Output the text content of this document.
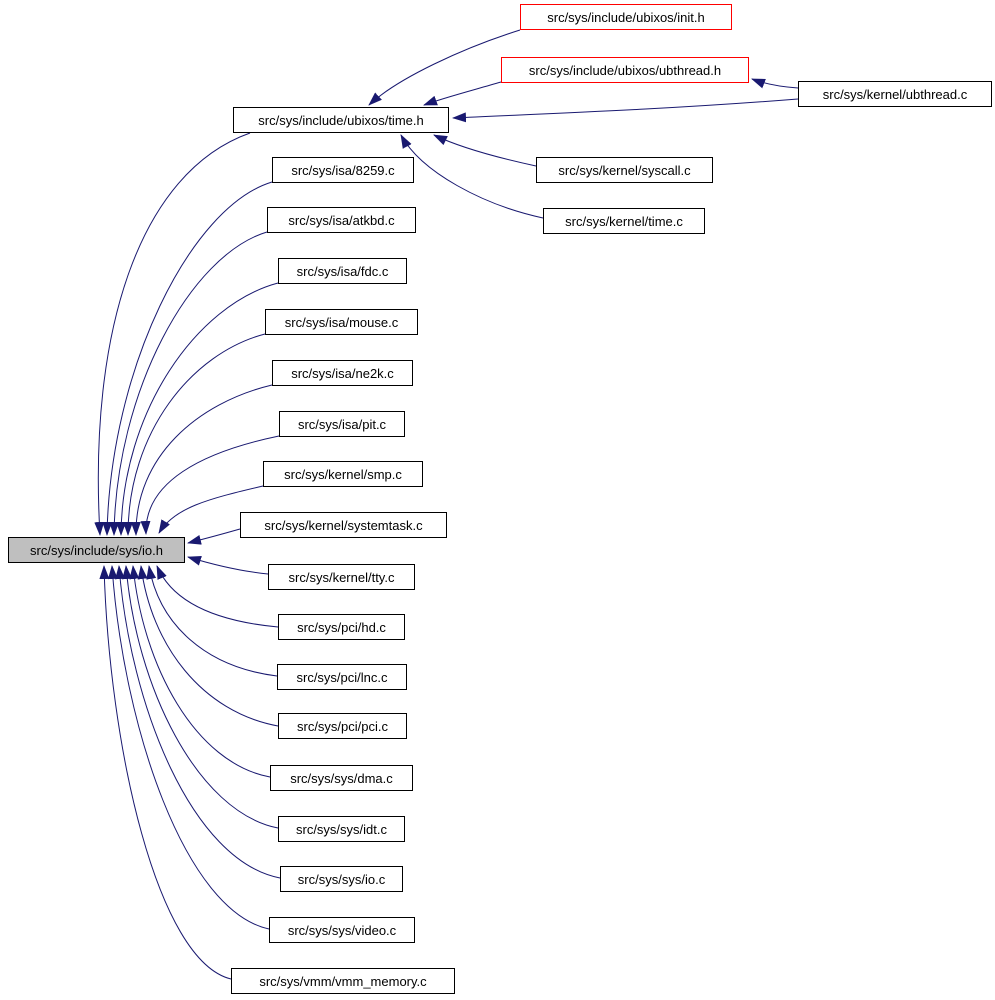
src/sys/include/ubixos/init.h
src/sys/include/ubixos/ubthread.h
src/sys/kernel/ubthread.c
src/sys/include/ubixos/time.h
src/sys/kernel/syscall.c
src/sys/kernel/time.c
src/sys/isa/8259.c
src/sys/isa/atkbd.c
src/sys/isa/fdc.c
src/sys/isa/mouse.c
src/sys/isa/ne2k.c
src/sys/isa/pit.c
src/sys/kernel/smp.c
src/sys/kernel/systemtask.c
src/sys/include/sys/io.h
src/sys/kernel/tty.c
src/sys/pci/hd.c
src/sys/pci/lnc.c
src/sys/pci/pci.c
src/sys/sys/dma.c
src/sys/sys/idt.c
src/sys/sys/io.c
src/sys/sys/video.c
src/sys/vmm/vmm_memory.c
